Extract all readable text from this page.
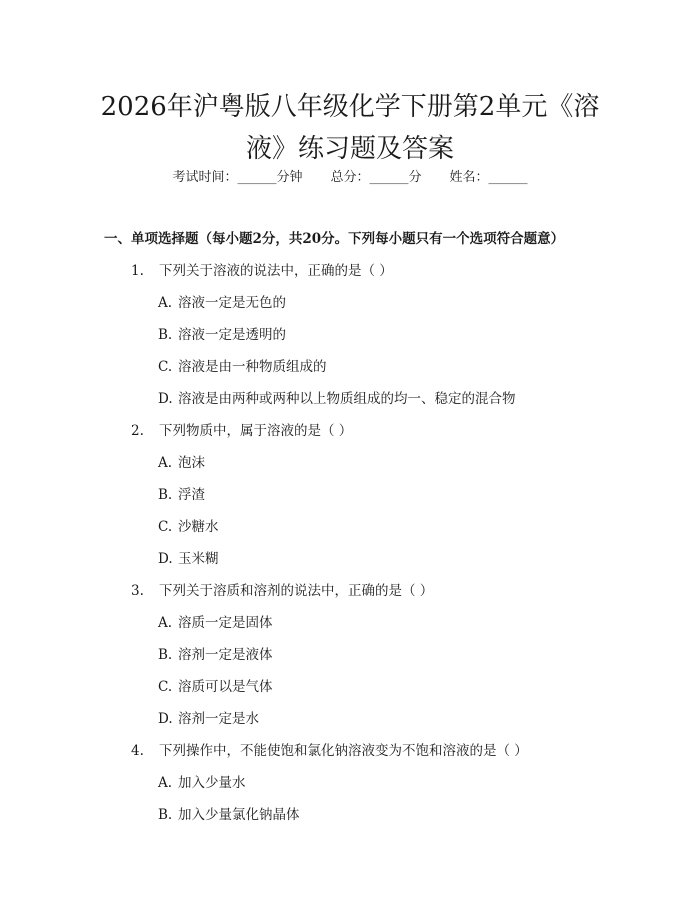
2026年沪粤版八年级化学下册第2单元《溶
液》练习题及答案
考试时间：______分钟 总分：______分 姓名：______
一、单项选择题（每小题2分，共20分。下列每小题只有一个选项符合题意）
1. 下列关于溶液的说法中，正确的是（ ）
A. 溶液一定是无色的
B. 溶液一定是透明的
C. 溶液是由一种物质组成的
D. 溶液是由两种或两种以上物质组成的均一、稳定的混合物
2. 下列物质中，属于溶液的是（ ）
A. 泡沫
B. 浮渣
C. 沙糖水
D. 玉米糊
3. 下列关于溶质和溶剂的说法中，正确的是（ ）
A. 溶质一定是固体
B. 溶剂一定是液体
C. 溶质可以是气体
D. 溶剂一定是水
4. 下列操作中，不能使饱和氯化钠溶液变为不饱和溶液的是（ ）
A. 加入少量水
B. 加入少量氯化钠晶体
